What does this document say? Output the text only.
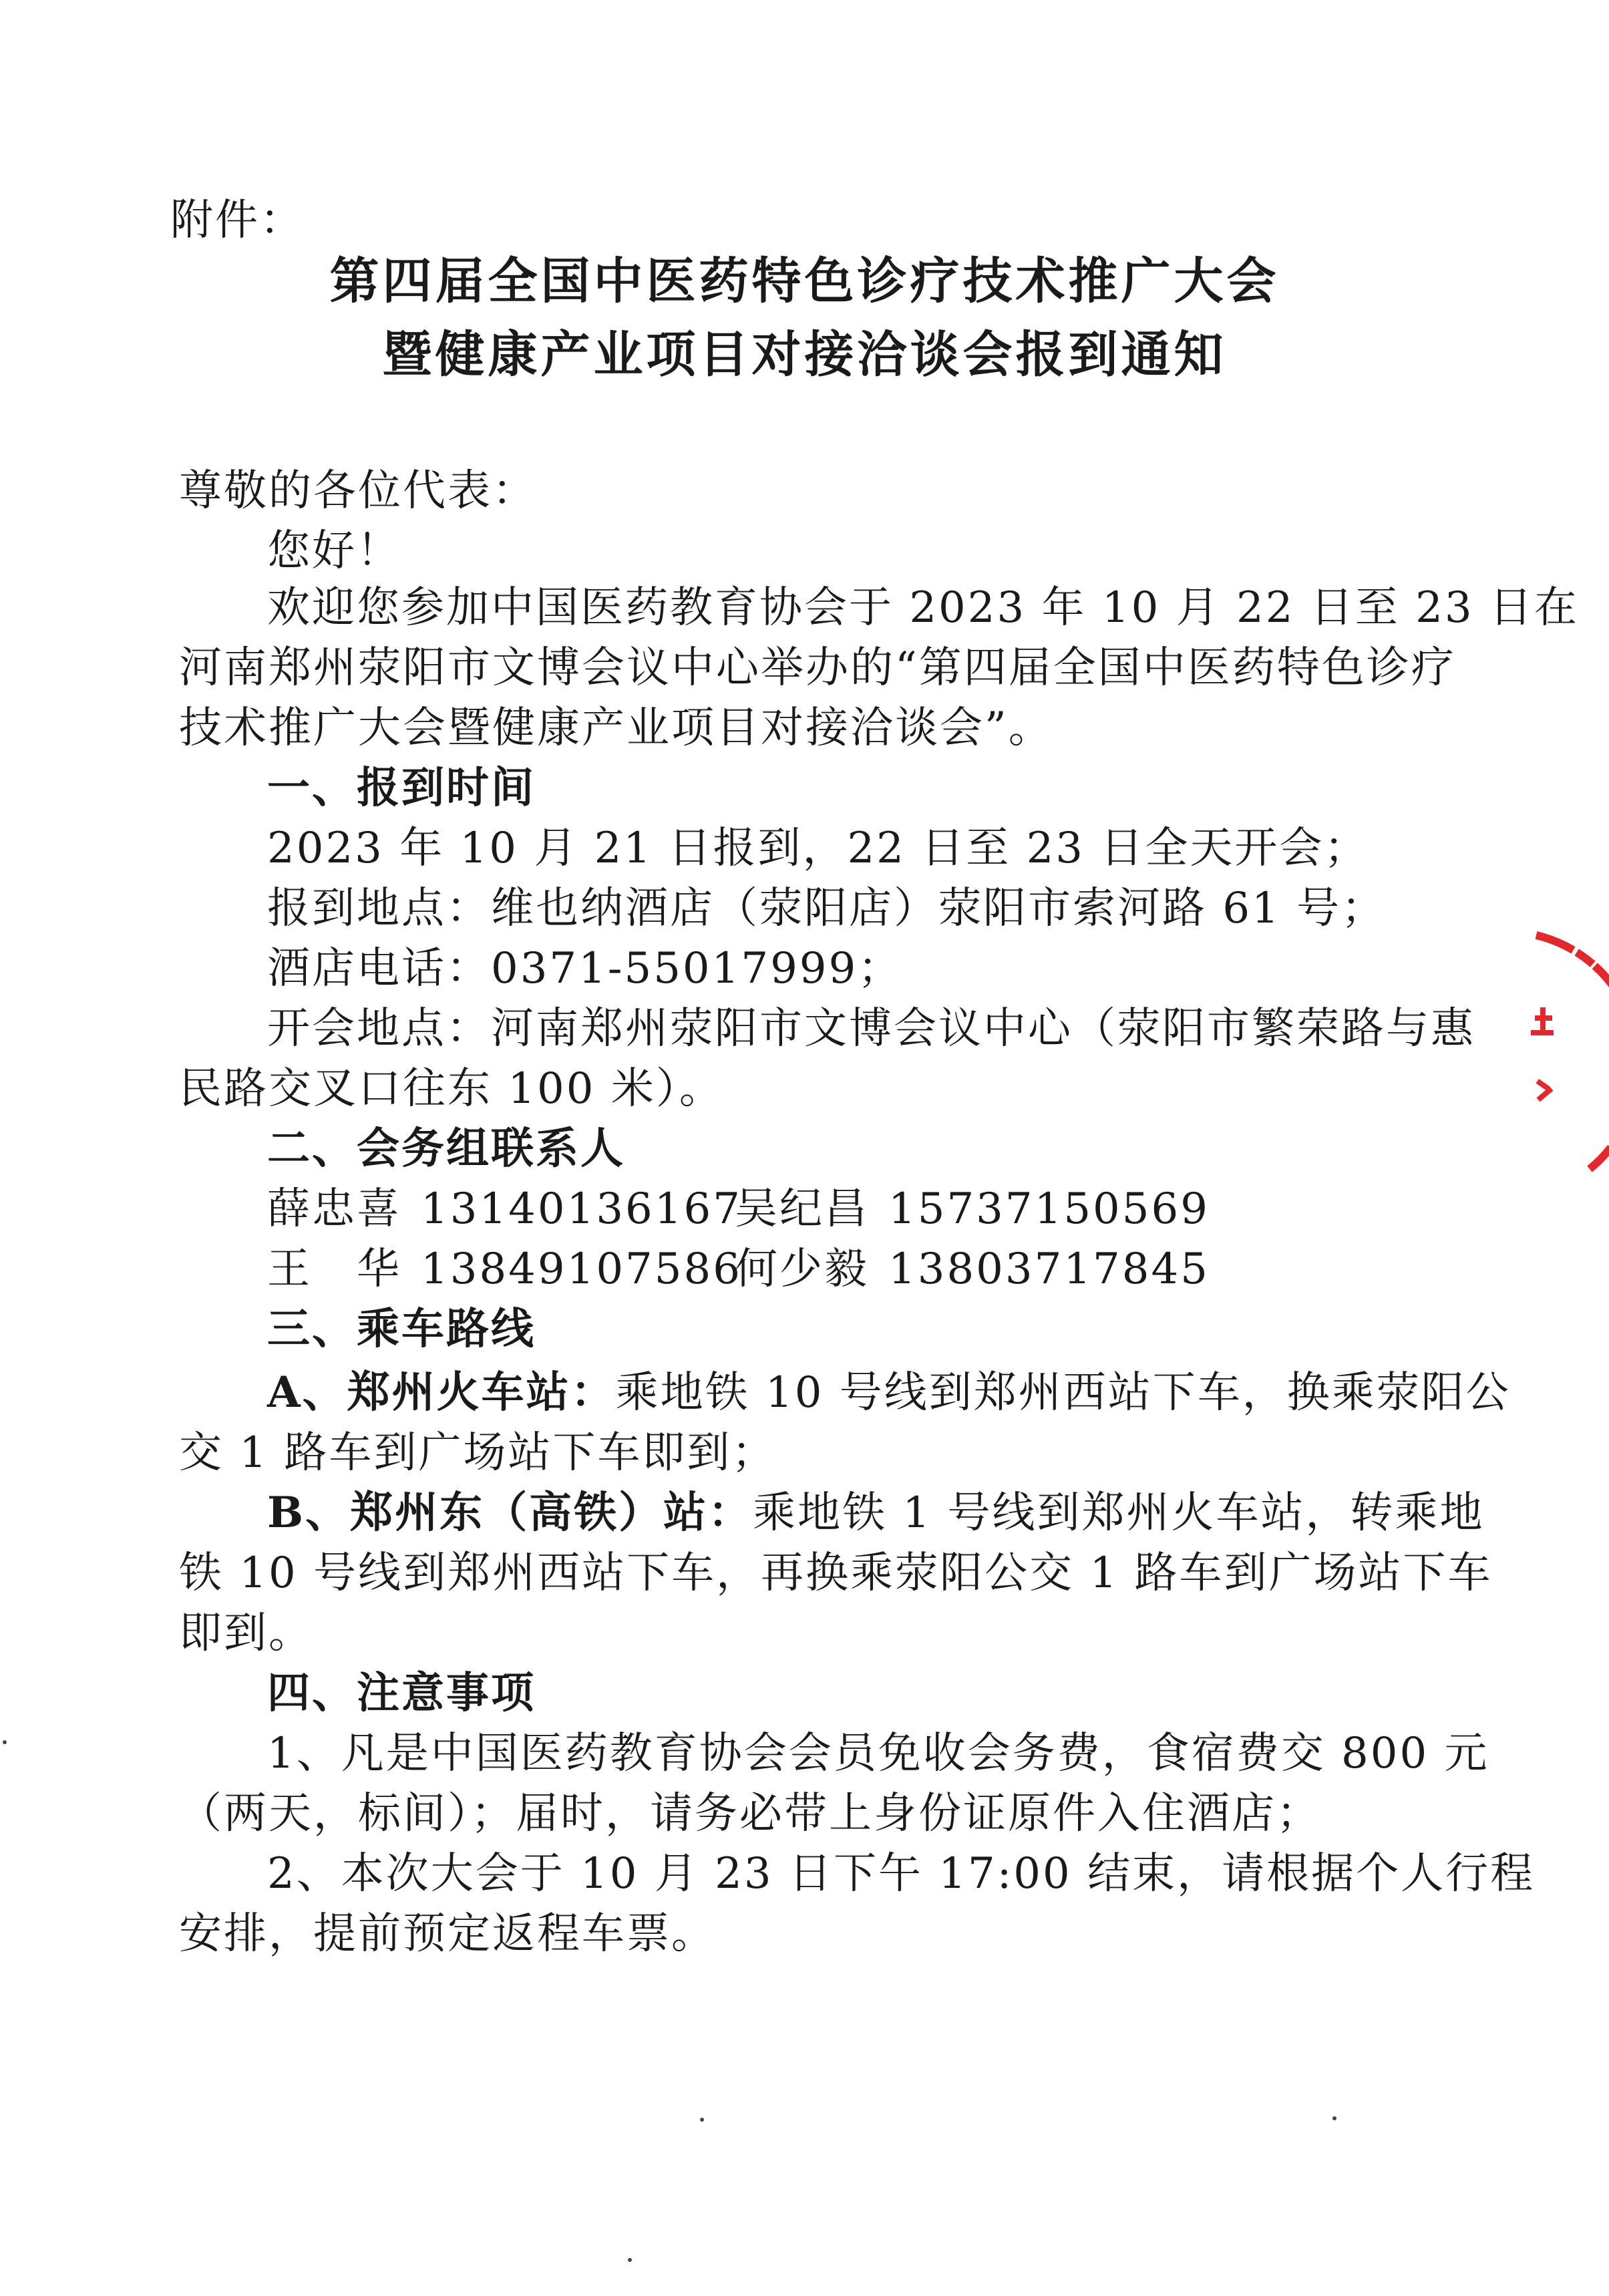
附件：
第四届全国中医药特色诊疗技术推广大会
暨健康产业项目对接洽谈会报到通知
尊敬的各位代表：
您好！
欢迎您参加中国医药教育协会于 2023 年 10 月 22 日至 23 日在
河南郑州荥阳市文博会议中心举办的“第四届全国中医药特色诊疗
技术推广大会暨健康产业项目对接洽谈会”。
一、报到时间
2023 年 10 月 21 日报到，22 日至 23 日全天开会；
报到地点：维也纳酒店（荥阳店）荥阳市索河路 61 号；
酒店电话：0371-55017999；
开会地点：河南郑州荥阳市文博会议中心（荥阳市繁荣路与惠
民路交叉口往东 100 米）。
二、会务组联系人
薛忠喜 13140136167吴纪昌 15737150569
王　华 13849107586何少毅 13803717845
三、乘车路线
A、郑州火车站：乘地铁 10 号线到郑州西站下车，换乘荥阳公
交 1 路车到广场站下车即到；
B、郑州东（高铁）站：乘地铁 1 号线到郑州火车站，转乘地
铁 10 号线到郑州西站下车，再换乘荥阳公交 1 路车到广场站下车
即到。
四、注意事项
1、凡是中国医药教育协会会员免收会务费，食宿费交 800 元
（两天，标间）；届时，请务必带上身份证原件入住酒店；
2、本次大会于 10 月 23 日下午 17:00 结束，请根据个人行程
安排，提前预定返程车票。
